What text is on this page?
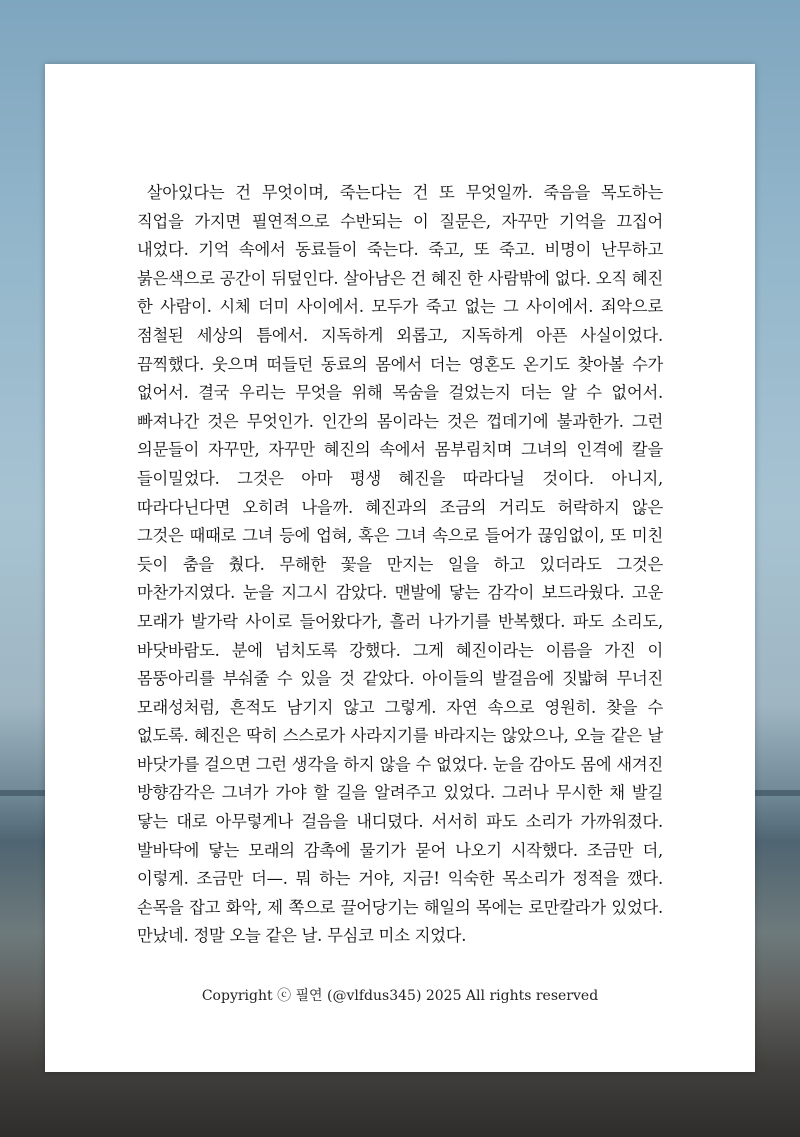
살아있다는 건 무엇이며, 죽는다는 건 또 무엇일까. 죽음을 목도하는 직업을 가지면 필연적으로 수반되는 이 질문은, 자꾸만 기억을 끄집어 내었다. 기억 속에서 동료들이 죽는다. 죽고, 또 죽고. 비명이 난무하고 붉은색으로 공간이 뒤덮인다. 살아남은 건 혜진 한 사람밖에 없다. 오직 혜진 한 사람이. 시체 더미 사이에서. 모두가 죽고 없는 그 사이에서. 죄악으로 점철된 세상의 틈에서. 지독하게 외롭고, 지독하게 아픈 사실이었다. 끔찍했다. 웃으며 떠들던 동료의 몸에서 더는 영혼도 온기도 찾아볼 수가 없어서. 결국 우리는 무엇을 위해 목숨을 걸었는지 더는 알 수 없어서. 빠져나간 것은 무엇인가. 인간의 몸이라는 것은 껍데기에 불과한가. 그런 의문들이 자꾸만, 자꾸만 혜진의 속에서 몸부림치며 그녀의 인격에 칼을 들이밀었다. 그것은 아마 평생 혜진을 따라다닐 것이다. 아니지, 따라다닌다면 오히려 나을까. 혜진과의 조금의 거리도 허락하지 않은 그것은 때때로 그녀 등에 업혀, 혹은 그녀 속으로 들어가 끊임없이, 또 미친 듯이 춤을 췄다. 무해한 꽃을 만지는 일을 하고 있더라도 그것은 마찬가지였다. 눈을 지그시 감았다. 맨발에 닿는 감각이 보드라웠다. 고운 모래가 발가락 사이로 들어왔다가, 흘러 나가기를 반복했다. 파도 소리도, 바닷바람도. 분에 넘치도록 강했다. 그게 혜진이라는 이름을 가진 이 몸뚱아리를 부숴줄 수 있을 것 같았다. 아이들의 발걸음에 짓밟혀 무너진 모래성처럼, 흔적도 남기지 않고 그렇게. 자연 속으로 영원히. 찾을 수 없도록. 혜진은 딱히 스스로가 사라지기를 바라지는 않았으나, 오늘 같은 날 바닷가를 걸으면 그런 생각을 하지 않을 수 없었다. 눈을 감아도 몸에 새겨진 방향감각은 그녀가 가야 할 길을 알려주고 있었다. 그러나 무시한 채 발길 닿는 대로 아무렇게나 걸음을 내디뎠다. 서서히 파도 소리가 가까워졌다. 발바닥에 닿는 모래의 감촉에 물기가 묻어 나오기 시작했다. 조금만 더, 이렇게. 조금만 더—. 뭐 하는 거야, 지금! 익숙한 목소리가 정적을 깼다. 손목을 잡고 화악, 제 쪽으로 끌어당기는 해일의 목에는 로만칼라가 있었다. 만났네. 정말 오늘 같은 날. 무심코 미소 지었다.

Copyright ⓒ 필연 (@vlfdus345) 2025 All rights reserved
